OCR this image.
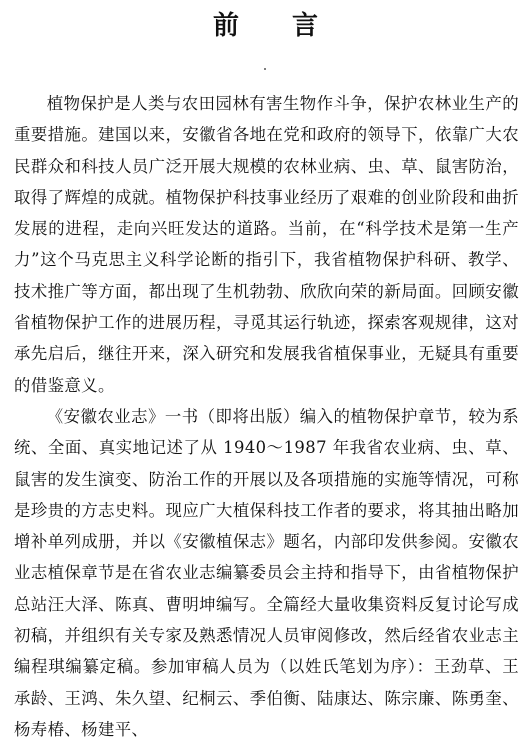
前 言

植物保护是人类与农田园林有害生物作斗争，保护农林业生产的重要措施。建国以来，安徽省各地在党和政府的领导下，依靠广大农民群众和科技人员广泛开展大规模的农林业病、虫、草、鼠害防治，取得了辉煌的成就。植物保护科技事业经历了艰难的创业阶段和曲折发展的进程，走向兴旺发达的道路。当前，在“科学技术是第一生产力”这个马克思主义科学论断的指引下，我省植物保护科研、教学、技术推广等方面，都出现了生机勃勃、欣欣向荣的新局面。回顾安徽省植物保护工作的进展历程，寻觅其运行轨迹，探索客观规律，这对承先启后，继往开来，深入研究和发展我省植保事业，无疑具有重要的借鉴意义。

《安徽农业志》一书（即将出版）编入的植物保护章节，较为系统、全面、真实地记述了从 1940～1987 年我省农业病、虫、草、鼠害的发生演变、防治工作的开展以及各项措施的实施等情况，可称是珍贵的方志史料。现应广大植保科技工作者的要求，将其抽出略加增补单列成册，并以《安徽植保志》题名，内部印发供参阅。安徽农业志植保章节是在省农业志编纂委员会主持和指导下，由省植物保护总站汪大泽、陈真、曹明坤编写。全篇经大量收集资料反复讨论写成初稿，并组织有关专家及熟悉情况人员审阅修改，然后经省农业志主编程琪编纂定稿。参加审稿人员为（以姓氏笔划为序）：王劲草、王承龄、王鸿、朱久望、纪桐云、季伯衡、陆康达、陈宗廉、陈勇奎、杨寿椿、杨建平、
